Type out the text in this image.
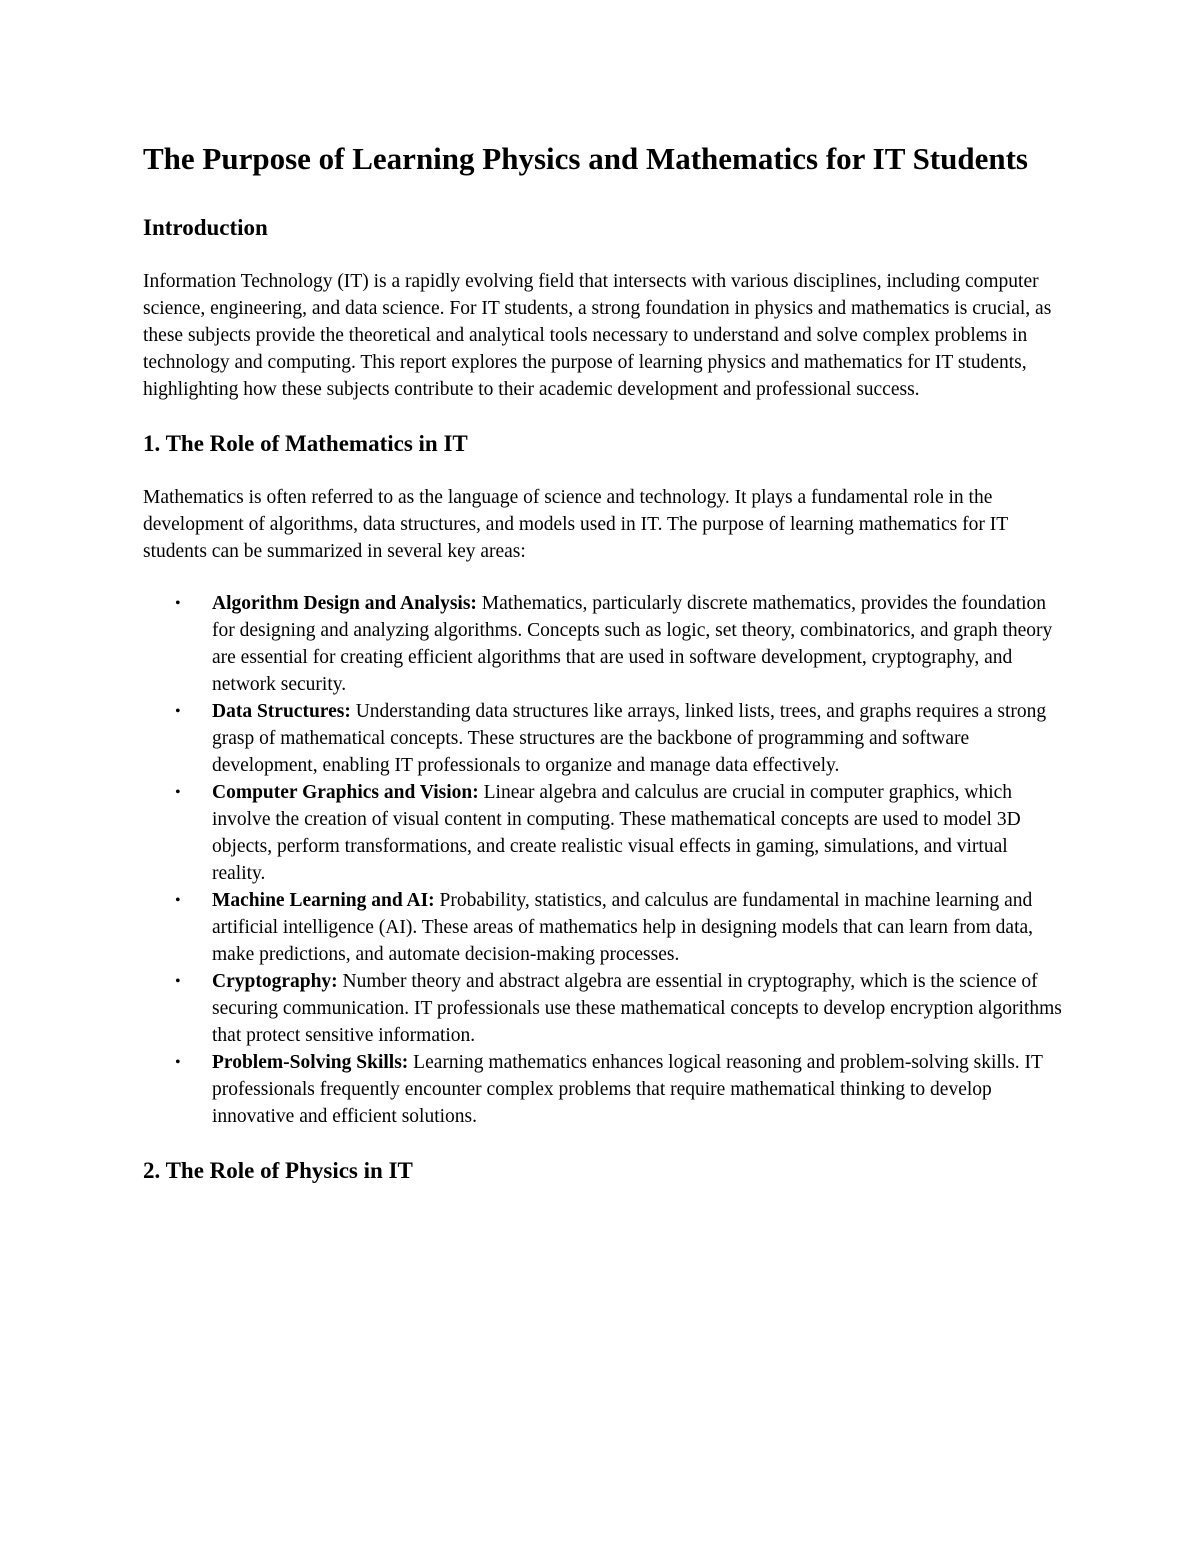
The Purpose of Learning Physics and Mathematics for IT Students
Introduction

Information Technology (IT) is a rapidly evolving field that intersects with various disciplines, including computer science, engineering, and data science. For IT students, a strong foundation in physics and mathematics is crucial, as these subjects provide the theoretical and analytical tools necessary to understand and solve complex problems in technology and computing. This report explores the purpose of learning physics and mathematics for IT students, highlighting how these subjects contribute to their academic development and professional success.

1. The Role of Mathematics in IT

Mathematics is often referred to as the language of science and technology. It plays a fundamental role in the development of algorithms, data structures, and models used in IT. The purpose of learning mathematics for IT students can be summarized in several key areas:

• Algorithm Design and Analysis: Mathematics, particularly discrete mathematics, provides the foundation for designing and analyzing algorithms. Concepts such as logic, set theory, combinatorics, and graph theory are essential for creating efficient algorithms that are used in software development, cryptography, and network security.
• Data Structures: Understanding data structures like arrays, linked lists, trees, and graphs requires a strong grasp of mathematical concepts. These structures are the backbone of programming and software development, enabling IT professionals to organize and manage data effectively.
• Computer Graphics and Vision: Linear algebra and calculus are crucial in computer graphics, which involve the creation of visual content in computing. These mathematical concepts are used to model 3D objects, perform transformations, and create realistic visual effects in gaming, simulations, and virtual reality.
• Machine Learning and AI: Probability, statistics, and calculus are fundamental in machine learning and artificial intelligence (AI). These areas of mathematics help in designing models that can learn from data, make predictions, and automate decision-making processes.
• Cryptography: Number theory and abstract algebra are essential in cryptography, which is the science of securing communication. IT professionals use these mathematical concepts to develop encryption algorithms that protect sensitive information.
• Problem-Solving Skills: Learning mathematics enhances logical reasoning and problem-solving skills. IT professionals frequently encounter complex problems that require mathematical thinking to develop innovative and efficient solutions.
2. The Role of Physics in IT
